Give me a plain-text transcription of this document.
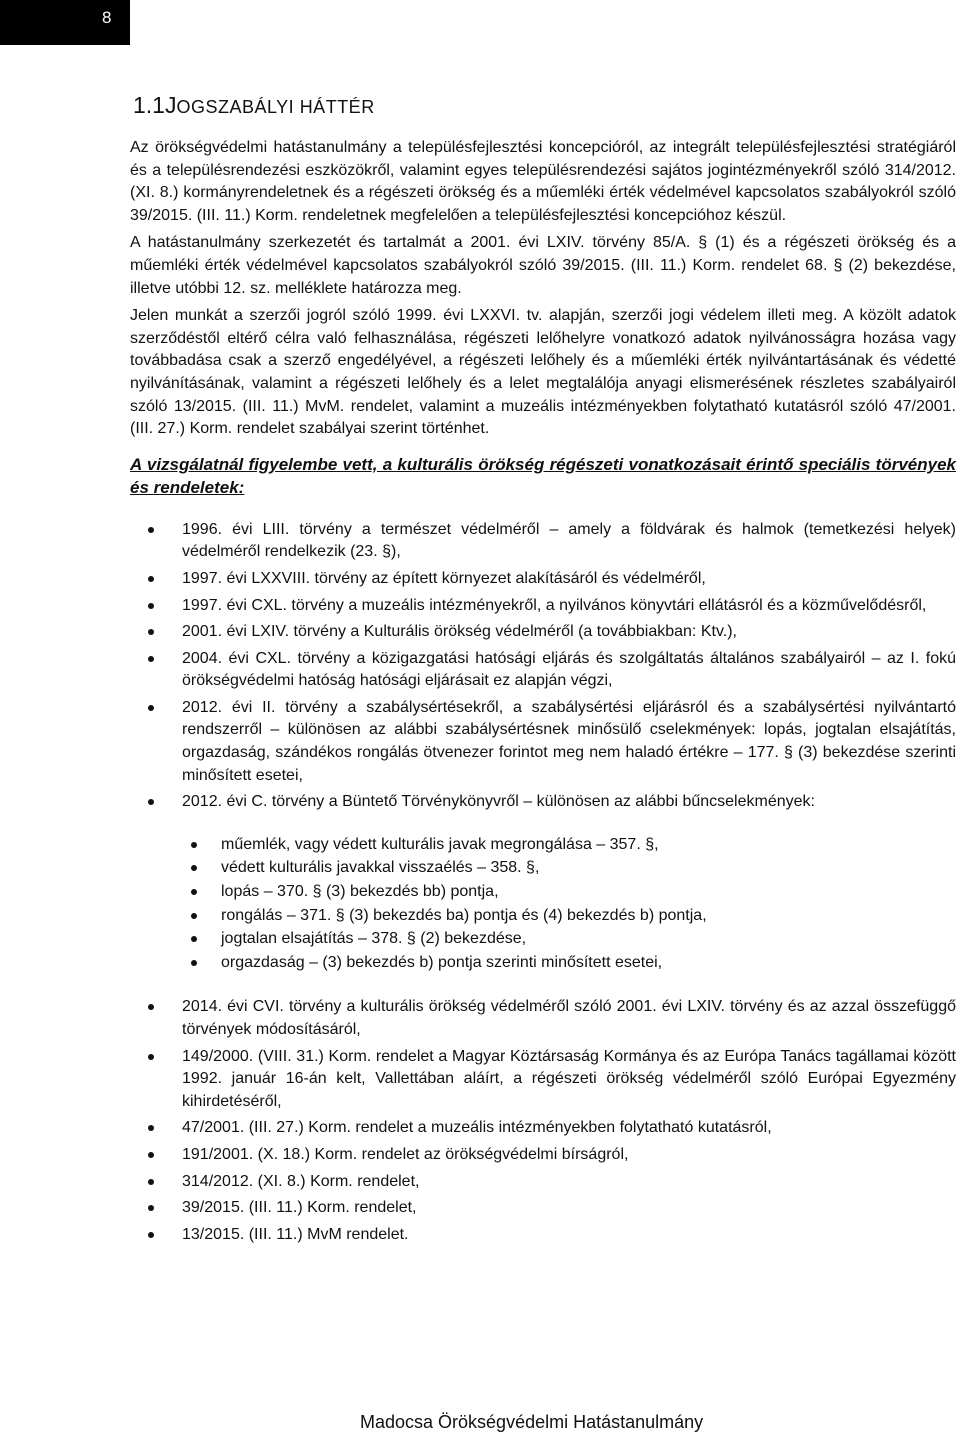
8
1.1JOGSZABÁLYI HÁTTÉR

Az örökségvédelmi hatástanulmány a településfejlesztési koncepcióról, az integrált településfejlesztési stratégiáról és a településrendezési eszközökről, valamint egyes településrendezési sajátos jogintézményekről szóló 314/2012. (XI. 8.) kormányrendeletnek és a régészeti örökség és a műemléki érték védelmével kapcsolatos szabályokról szóló 39/2015. (III. 11.) Korm. rendeletnek megfelelően a településfejlesztési koncepcióhoz készül.

A hatástanulmány szerkezetét és tartalmát a 2001. évi LXIV. törvény 85/A. § (1) és a régészeti örökség és a műemléki érték védelmével kapcsolatos szabályokról szóló 39/2015. (III. 11.) Korm. rendelet 68. § (2) bekezdése, illetve utóbbi 12. sz. melléklete határozza meg.

Jelen munkát a szerzői jogról szóló 1999. évi LXXVI. tv. alapján, szerzői jogi védelem illeti meg. A közölt adatok szerződéstől eltérő célra való felhasználása, régészeti lelőhelyre vonatkozó adatok nyilvánosságra hozása vagy továbbadása csak a szerző engedélyével, a régészeti lelőhely és a műemléki érték nyilvántartásának és védetté nyilvánításának, valamint a régészeti lelőhely és a lelet megtalálója anyagi elismerésének részletes szabályairól szóló 13/2015. (III. 11.) MvM. rendelet, valamint a muzeális intézményekben folytatható kutatásról szóló 47/2001. (III. 27.) Korm. rendelet szabályai szerint történhet.

A vizsgálatnál figyelembe vett, a kulturális örökség régészeti vonatkozásait érintő speciális törvények és rendeletek:

1996. évi LIII. törvény a természet védelméről – amely a földvárak és halmok (temetkezési helyek) védelméről rendelkezik (23. §),
1997. évi LXXVIII. törvény az épített környezet alakításáról és védelméről,
1997. évi CXL. törvény a muzeális intézményekről, a nyilvános könyvtári ellátásról és a közművelődésről,
2001. évi LXIV. törvény a Kulturális örökség védelméről (a továbbiakban: Ktv.),
2004. évi CXL. törvény a közigazgatási hatósági eljárás és szolgáltatás általános szabályairól – az I. fokú örökségvédelmi hatóság hatósági eljárásait ez alapján végzi,
2012. évi II. törvény a szabálysértésekről, a szabálysértési eljárásról és a szabálysértési nyilvántartó rendszerről – különösen az alábbi szabálysértésnek minősülő cselekmények: lopás, jogtalan elsajátítás, orgazdaság, szándékos rongálás ötvenezer forintot meg nem haladó értékre – 177. § (3) bekezdése szerinti minősített esetei,
2012. évi C. törvény a Büntető Törvénykönyvről – különösen az alábbi bűncselekmények:
műemlék, vagy védett kulturális javak megrongálása – 357. §,
védett kulturális javakkal visszaélés – 358. §,
lopás – 370. § (3) bekezdés bb) pontja,
rongálás – 371. § (3) bekezdés ba) pontja és (4) bekezdés b) pontja,
jogtalan elsajátítás – 378. § (2) bekezdése,
orgazdaság – (3) bekezdés b) pontja szerinti minősített esetei,
2014. évi CVI. törvény a kulturális örökség védelméről szóló 2001. évi LXIV. törvény és az azzal összefüggő törvények módosításáról,
149/2000. (VIII. 31.) Korm. rendelet a Magyar Köztársaság Kormánya és az Európa Tanács tagállamai között 1992. január 16-án kelt, Vallettában aláírt, a régészeti örökség védelméről szóló Európai Egyezmény kihirdetéséről,
47/2001. (III. 27.) Korm. rendelet a muzeális intézményekben folytatható kutatásról,
191/2001. (X. 18.) Korm. rendelet az örökségvédelmi bírságról,
314/2012. (XI. 8.) Korm. rendelet,
39/2015. (III. 11.) Korm. rendelet,
13/2015. (III. 11.) MvM rendelet.
Madocsa Örökségvédelmi Hatástanulmány
